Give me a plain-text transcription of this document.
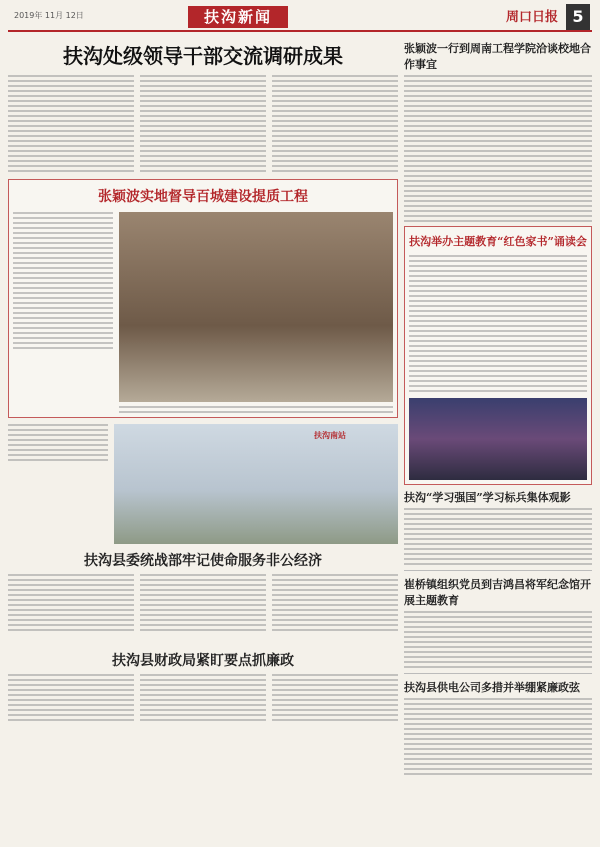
2019年 11月 12日	扶沟新闻	周口日报 5
扶沟处级领导干部交流调研成果
张颖波实地督导百城建设提质工程
扶沟南站
扶沟县委统战部牢记使命服务非公经济
扶沟县财政局紧盯要点抓廉政
张颖波一行到周南工程学院洽谈校地合作事宜
扶沟举办主题教育“红色家书”诵读会
扶沟“学习强国”学习标兵集体观影
崔桥镇组织党员到吉鸿昌将军纪念馆开展主题教育
扶沟县供电公司多措并举绷紧廉政弦
